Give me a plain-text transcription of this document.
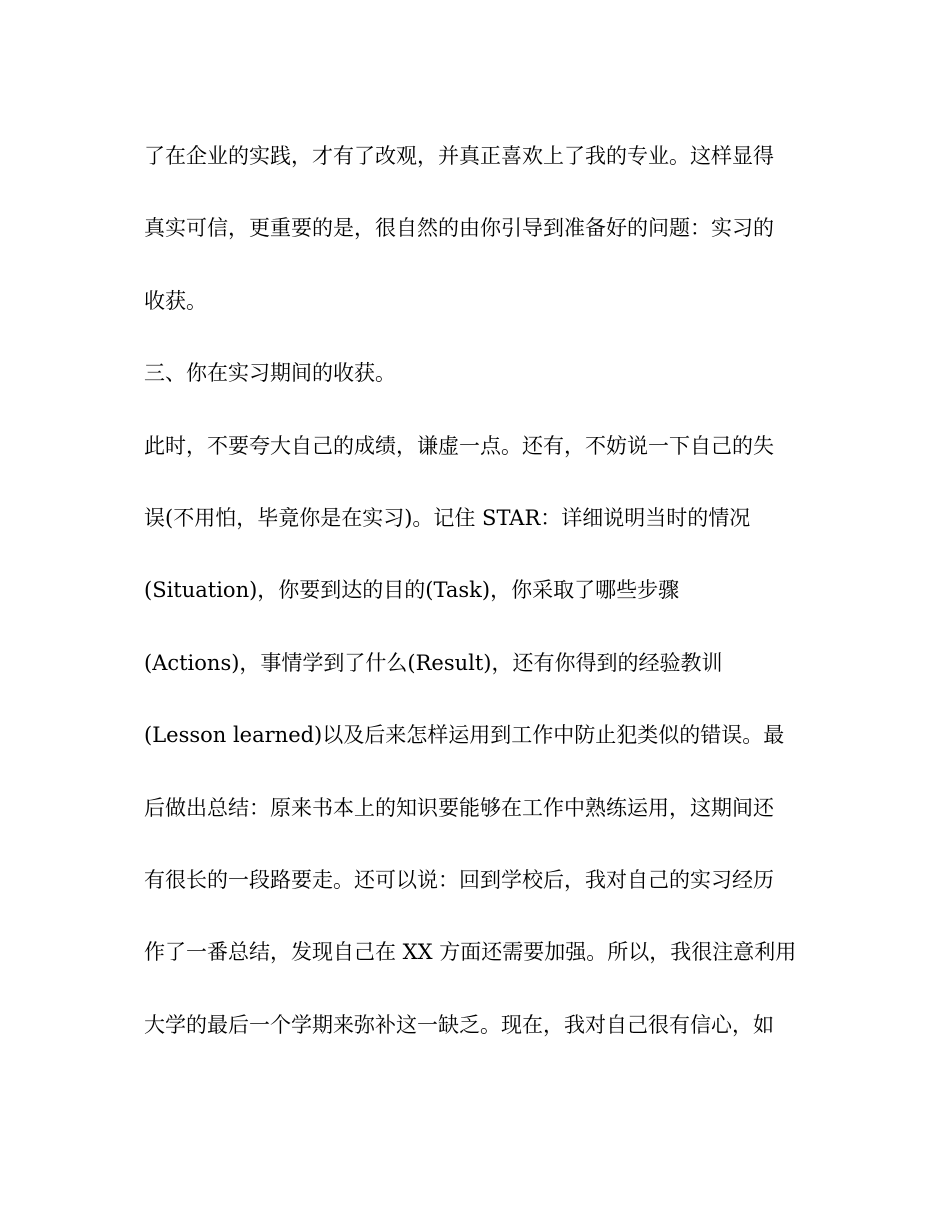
了在企业的实践，才有了改观，并真正喜欢上了我的专业。这样显得

真实可信，更重要的是，很自然的由你引导到准备好的问题：实习的

收获。

三、你在实习期间的收获。

此时，不要夸大自己的成绩，谦虚一点。还有，不妨说一下自己的失

误(不用怕，毕竟你是在实习)。记住 STAR：详细说明当时的情况

(Situation)，你要到达的目的(Task)，你采取了哪些步骤

(Actions)，事情学到了什么(Result)，还有你得到的经验教训

(Lesson learned)以及后来怎样运用到工作中防止犯类似的错误。最

后做出总结：原来书本上的知识要能够在工作中熟练运用，这期间还

有很长的一段路要走。还可以说：回到学校后，我对自己的实习经历

作了一番总结，发现自己在 XX 方面还需要加强。所以，我很注意利用

大学的最后一个学期来弥补这一缺乏。现在，我对自己很有信心，如
